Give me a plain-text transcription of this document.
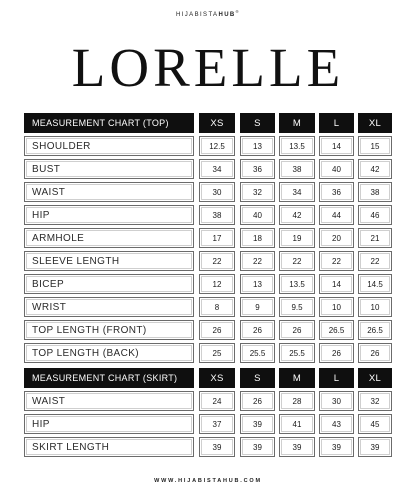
HIJABISTAHUB®
LORELLE
MEASUREMENT CHART (TOP)	XS	S	M	L	XL
SHOULDER	12.5	13	13.5	14	15
BUST	34	36	38	40	42
WAIST	30	32	34	36	38
HIP	38	40	42	44	46
ARMHOLE	17	18	19	20	21
SLEEVE LENGTH	22	22	22	22	22
BICEP	12	13	13.5	14	14.5
WRIST	8	9	9.5	10	10
TOP LENGTH (FRONT)	26	26	26	26.5	26.5
TOP LENGTH (BACK)	25	25.5	25.5	26	26
MEASUREMENT CHART (SKIRT)	XS	S	M	L	XL
WAIST	24	26	28	30	32
HIP	37	39	41	43	45
SKIRT LENGTH	39	39	39	39	39
WWW.HIJABISTAHUB.COM
